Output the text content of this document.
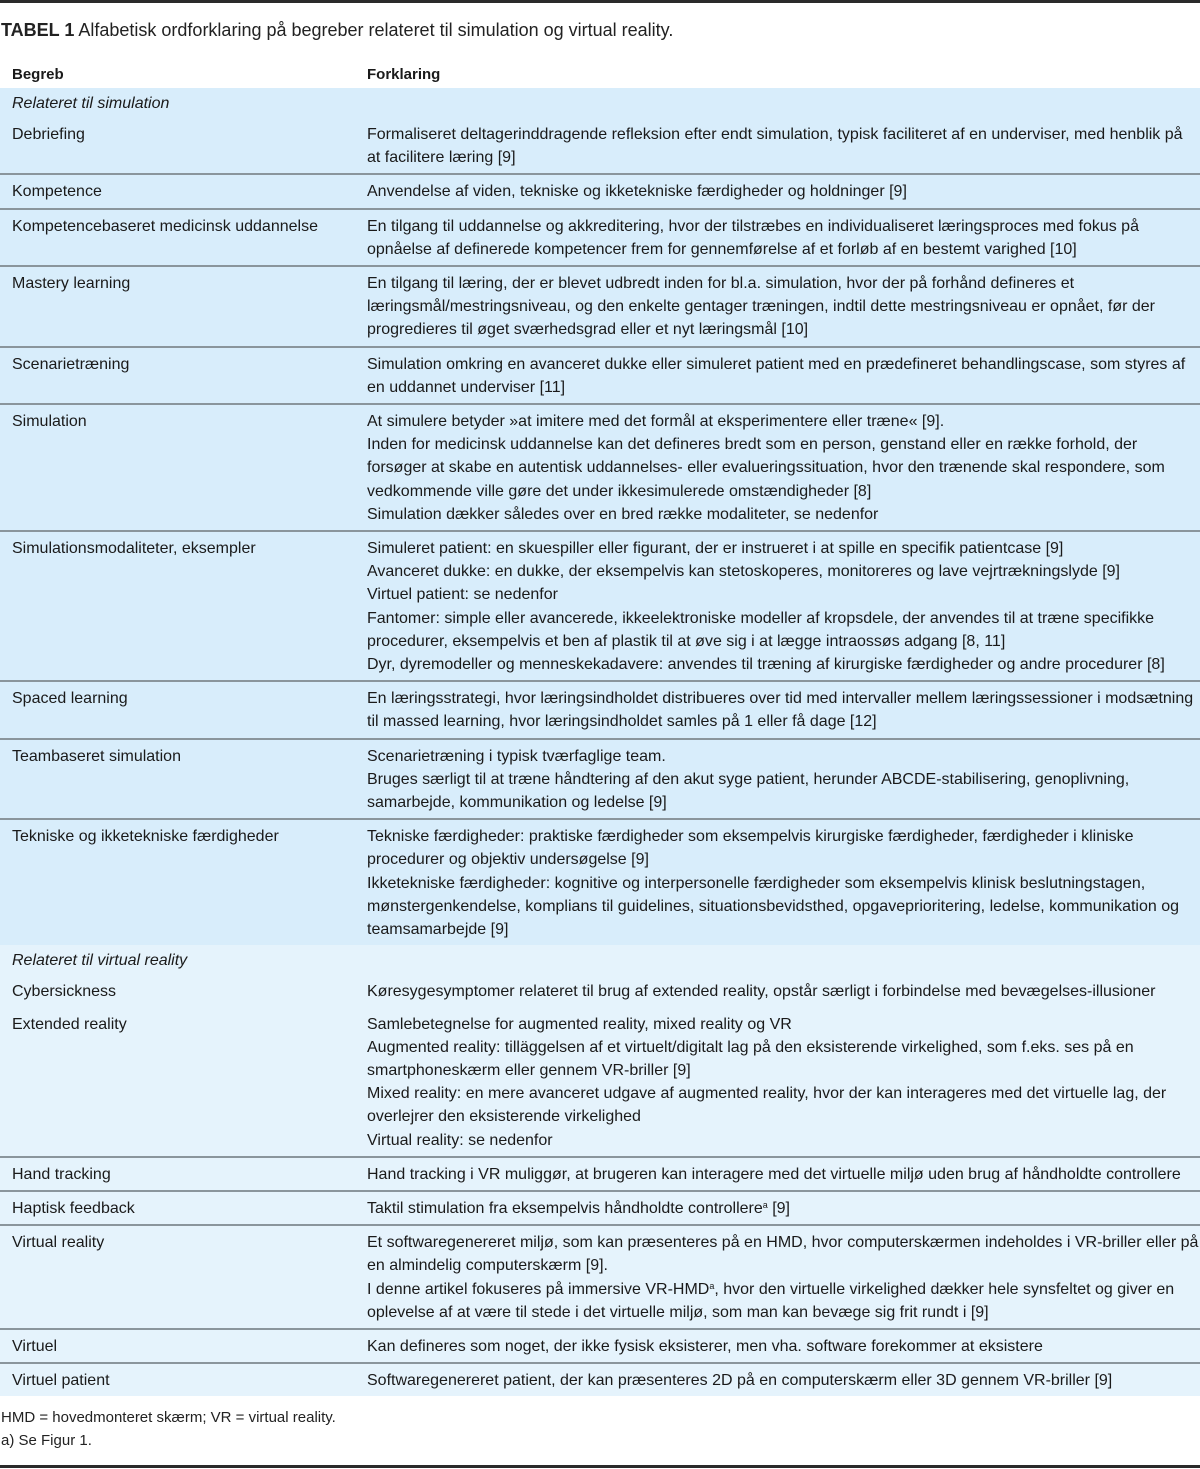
TABEL 1 Alfabetisk ordforklaring på begreber relateret til simulation og virtual reality.
Begreb	Forklaring
Relateret til simulation
Debriefing	Formaliseret deltagerinddragende refleksion efter endt simulation, typisk faciliteret af en underviser, med henblik på at facilitere læring [9]
Kompetence	Anvendelse af viden, tekniske og ikketekniske færdigheder og holdninger [9]
Kompetencebaseret medicinsk uddannelse	En tilgang til uddannelse og akkreditering, hvor der tilstræbes en individualiseret læringsproces med fokus på opnåelse af definerede kompetencer frem for gennemførelse af et forløb af en bestemt varighed [10]
Mastery learning	En tilgang til læring, der er blevet udbredt inden for bl.a. simulation, hvor der på forhånd defineres et læringsmål/mestringsniveau, og den enkelte gentager træningen, indtil dette mestringsniveau er opnået, før der progredieres til øget sværhedsgrad eller et nyt læringsmål [10]
Scenarietræning	Simulation omkring en avanceret dukke eller simuleret patient med en prædefineret behandlingscase, som styres af en uddannet underviser [11]
Simulation	At simulere betyder »at imitere med det formål at eksperimentere eller træne« [9].
Inden for medicinsk uddannelse kan det defineres bredt som en person, genstand eller en række forhold, der forsøger at skabe en autentisk uddannelses- eller evalueringssituation, hvor den trænende skal respondere, som vedkommende ville gøre det under ikkesimulerede omstændigheder [8]
Simulation dækker således over en bred række modaliteter, se nedenfor
Simulationsmodaliteter, eksempler	Simuleret patient: en skuespiller eller figurant, der er instrueret i at spille en specifik patientcase [9]
Avanceret dukke: en dukke, der eksempelvis kan stetoskoperes, monitoreres og lave vejrtrækningslyde [9]
Virtuel patient: se nedenfor
Fantomer: simple eller avancerede, ikkeelektroniske modeller af kropsdele, der anvendes til at træne specifikke procedurer, eksempelvis et ben af plastik til at øve sig i at lægge intraossøs adgang [8, 11]
Dyr, dyremodeller og menneskekadavere: anvendes til træning af kirurgiske færdigheder og andre procedurer [8]
Spaced learning	En læringsstrategi, hvor læringsindholdet distribueres over tid med intervaller mellem læringssessioner i modsætning til massed learning, hvor læringsindholdet samles på 1 eller få dage [12]
Teambaseret simulation	Scenarietræning i typisk tværfaglige team.
Bruges særligt til at træne håndtering af den akut syge patient, herunder ABCDE-stabilisering, genoplivning, samarbejde, kommunikation og ledelse [9]
Tekniske og ikketekniske færdigheder	Tekniske færdigheder: praktiske færdigheder som eksempelvis kirurgiske færdigheder, færdigheder i kliniske procedurer og objektiv undersøgelse [9]
Ikketekniske færdigheder: kognitive og interpersonelle færdigheder som eksempelvis klinisk beslutningstagen, mønstergenkendelse, komplians til guidelines, situationsbevidsthed, opgaveprioritering, ledelse, kommunikation og teamsamarbejde [9]
Relateret til virtual reality
Cybersickness	Køresygesymptomer relateret til brug af extended reality, opstår særligt i forbindelse med bevægelses-illusioner
Extended reality	Samlebetegnelse for augmented reality, mixed reality og VR
Augmented reality: tilläggelsen af et virtuelt/digitalt lag på den eksisterende virkelighed, som f.eks. ses på en smartphoneskærm eller gennem VR-briller [9]
Mixed reality: en mere avanceret udgave af augmented reality, hvor der kan interageres med det virtuelle lag, der overlejrer den eksisterende virkelighed
Virtual reality: se nedenfor
Hand tracking	Hand tracking i VR muliggør, at brugeren kan interagere med det virtuelle miljø uden brug af håndholdte controllere
Haptisk feedback	Taktil stimulation fra eksempelvis håndholdte controllere$^a$ [9]
Virtual reality	Et softwaregenereret miljø, som kan præsenteres på en HMD, hvor computerskærmen indeholdes i VR-briller eller på en almindelig computerskærm [9].
I denne artikel fokuseres på immersive VR-HMD$^a$, hvor den virtuelle virkelighed dækker hele synsfeltet og giver en oplevelse af at være til stede i det virtuelle miljø, som man kan bevæge sig frit rundt i [9]
Virtuel	Kan defineres som noget, der ikke fysisk eksisterer, men vha. software forekommer at eksistere
Virtuel patient	Softwaregenereret patient, der kan præsenteres 2D på en computerskærm eller 3D gennem VR-briller [9]
HMD = hovedmonteret skærm; VR = virtual reality.
a) Se Figur 1.
